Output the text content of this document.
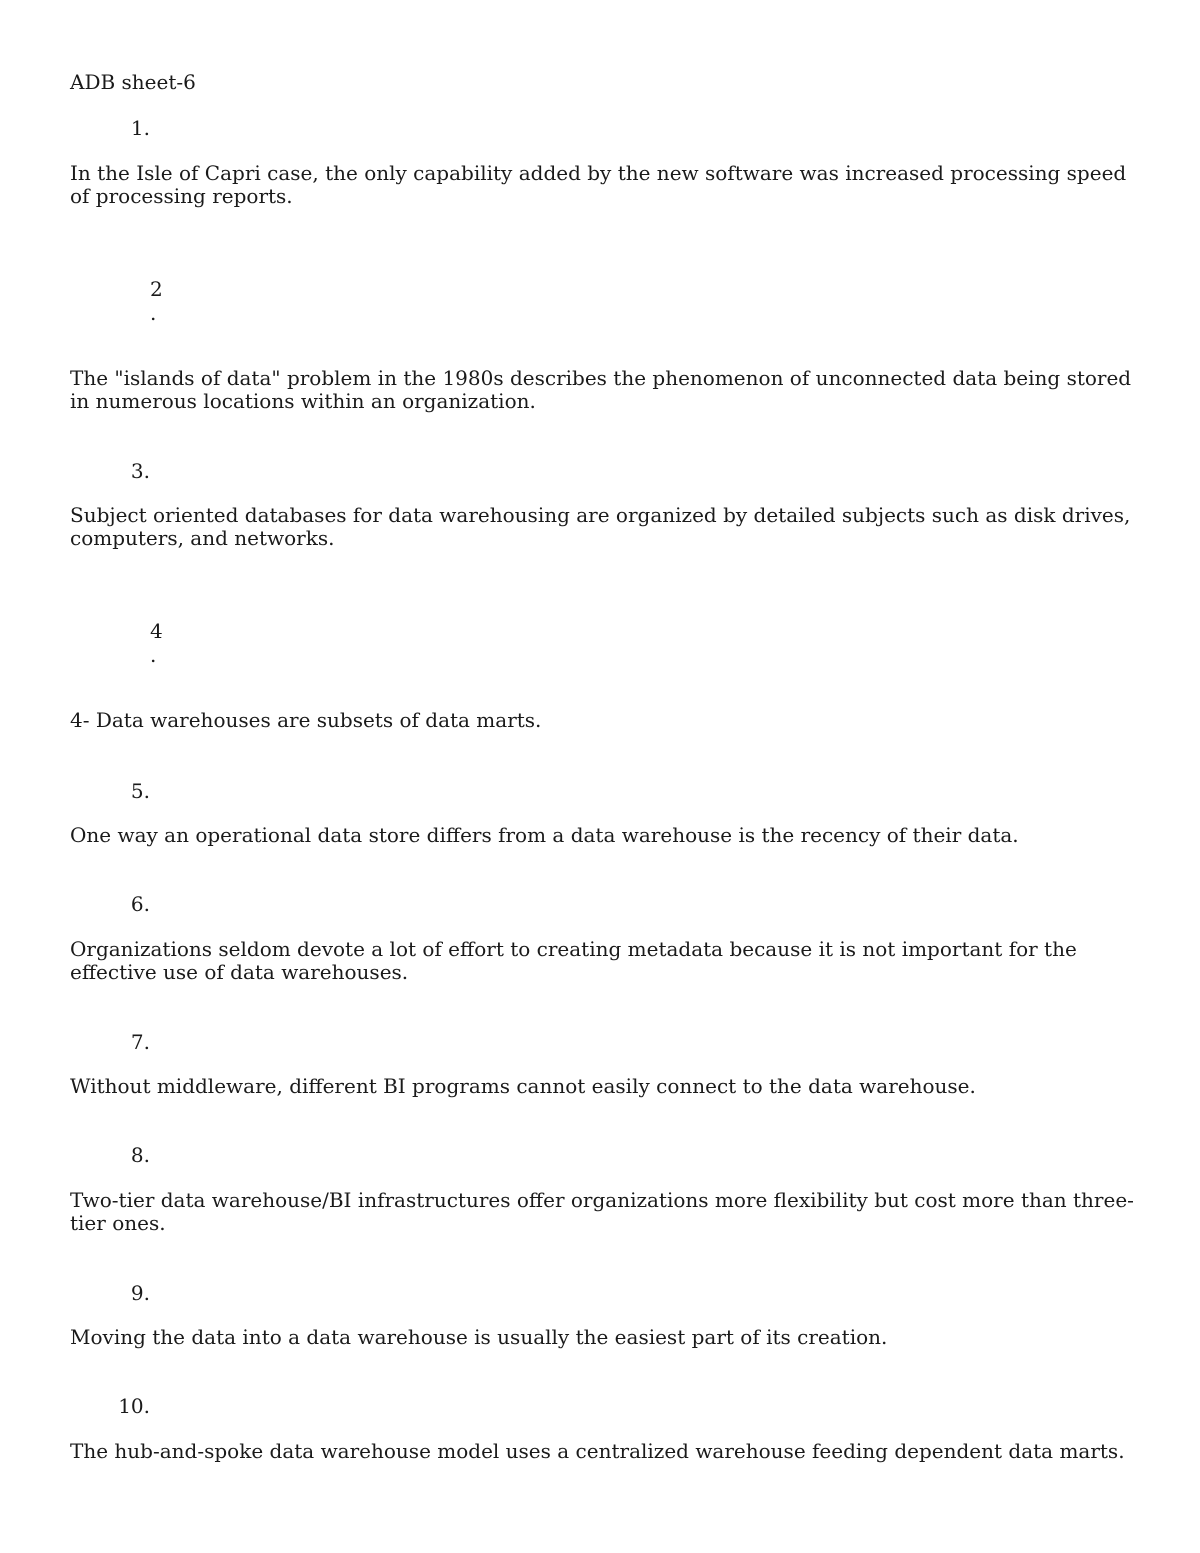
ADB sheet-6
1.

In the Isle of Capri case, the only capability added by the new software was increased processing speed of processing reports.

2
.

The "islands of data" problem in the 1980s describes the phenomenon of unconnected data being stored in numerous locations within an organization.

3.

Subject oriented databases for data warehousing are organized by detailed subjects such as disk drives, computers, and networks.

4
.

4- Data warehouses are subsets of data marts.

5.

One way an operational data store differs from a data warehouse is the recency of their data.

6.

Organizations seldom devote a lot of effort to creating metadata because it is not important for the effective use of data warehouses.

7.

Without middleware, different BI programs cannot easily connect to the data warehouse.

8.

Two-tier data warehouse/BI infrastructures offer organizations more flexibility but cost more than three-tier ones.

9.

Moving the data into a data warehouse is usually the easiest part of its creation.

10.

The hub-and-spoke data warehouse model uses a centralized warehouse feeding dependent data marts.
